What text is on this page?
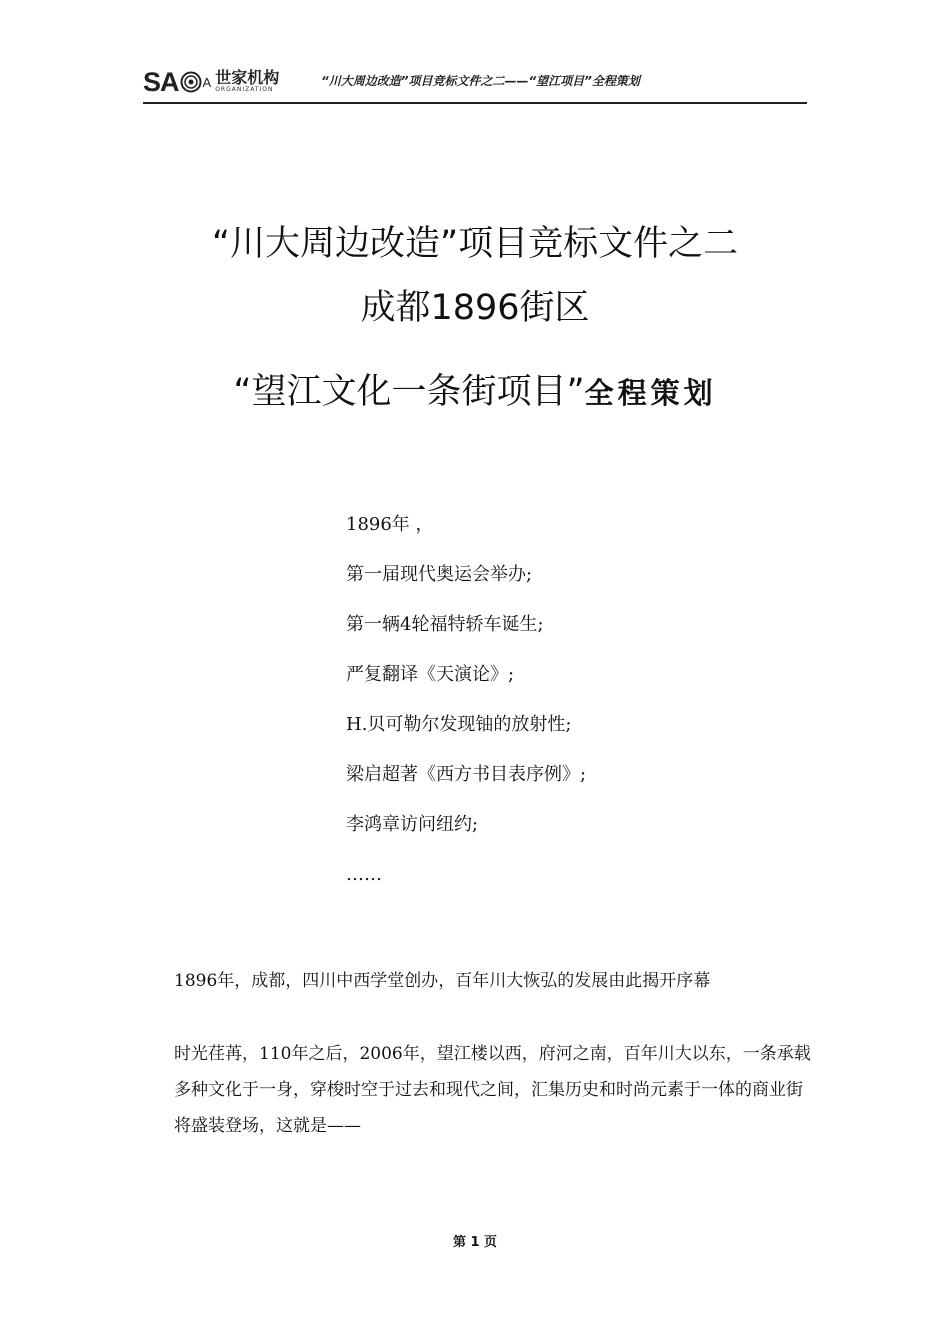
SA A 世家机构
ORGANIZATION
“川大周边改造”项目竞标文件之二——“望江项目”全程策划
“川大周边改造”项目竞标文件之二
成都1896街区
“望江文化一条街项目”全程策划
1896年 ，
第一届现代奥运会举办;
第一辆4轮福特轿车诞生;
严复翻译《天演论》;
H.贝可勒尔发现铀的放射性;
梁启超著《西方书目表序例》;
李鸿章访问纽约;
……

1896年，成都，四川中西学堂创办，百年川大恢弘的发展由此揭开序幕

时光荏苒，110年之后，2006年，望江楼以西，府河之南，百年川大以东，一条承载多种文化于一身，穿梭时空于过去和现代之间，汇集历史和时尚元素于一体的商业街将盛装登场，这就是——

第 1 页
